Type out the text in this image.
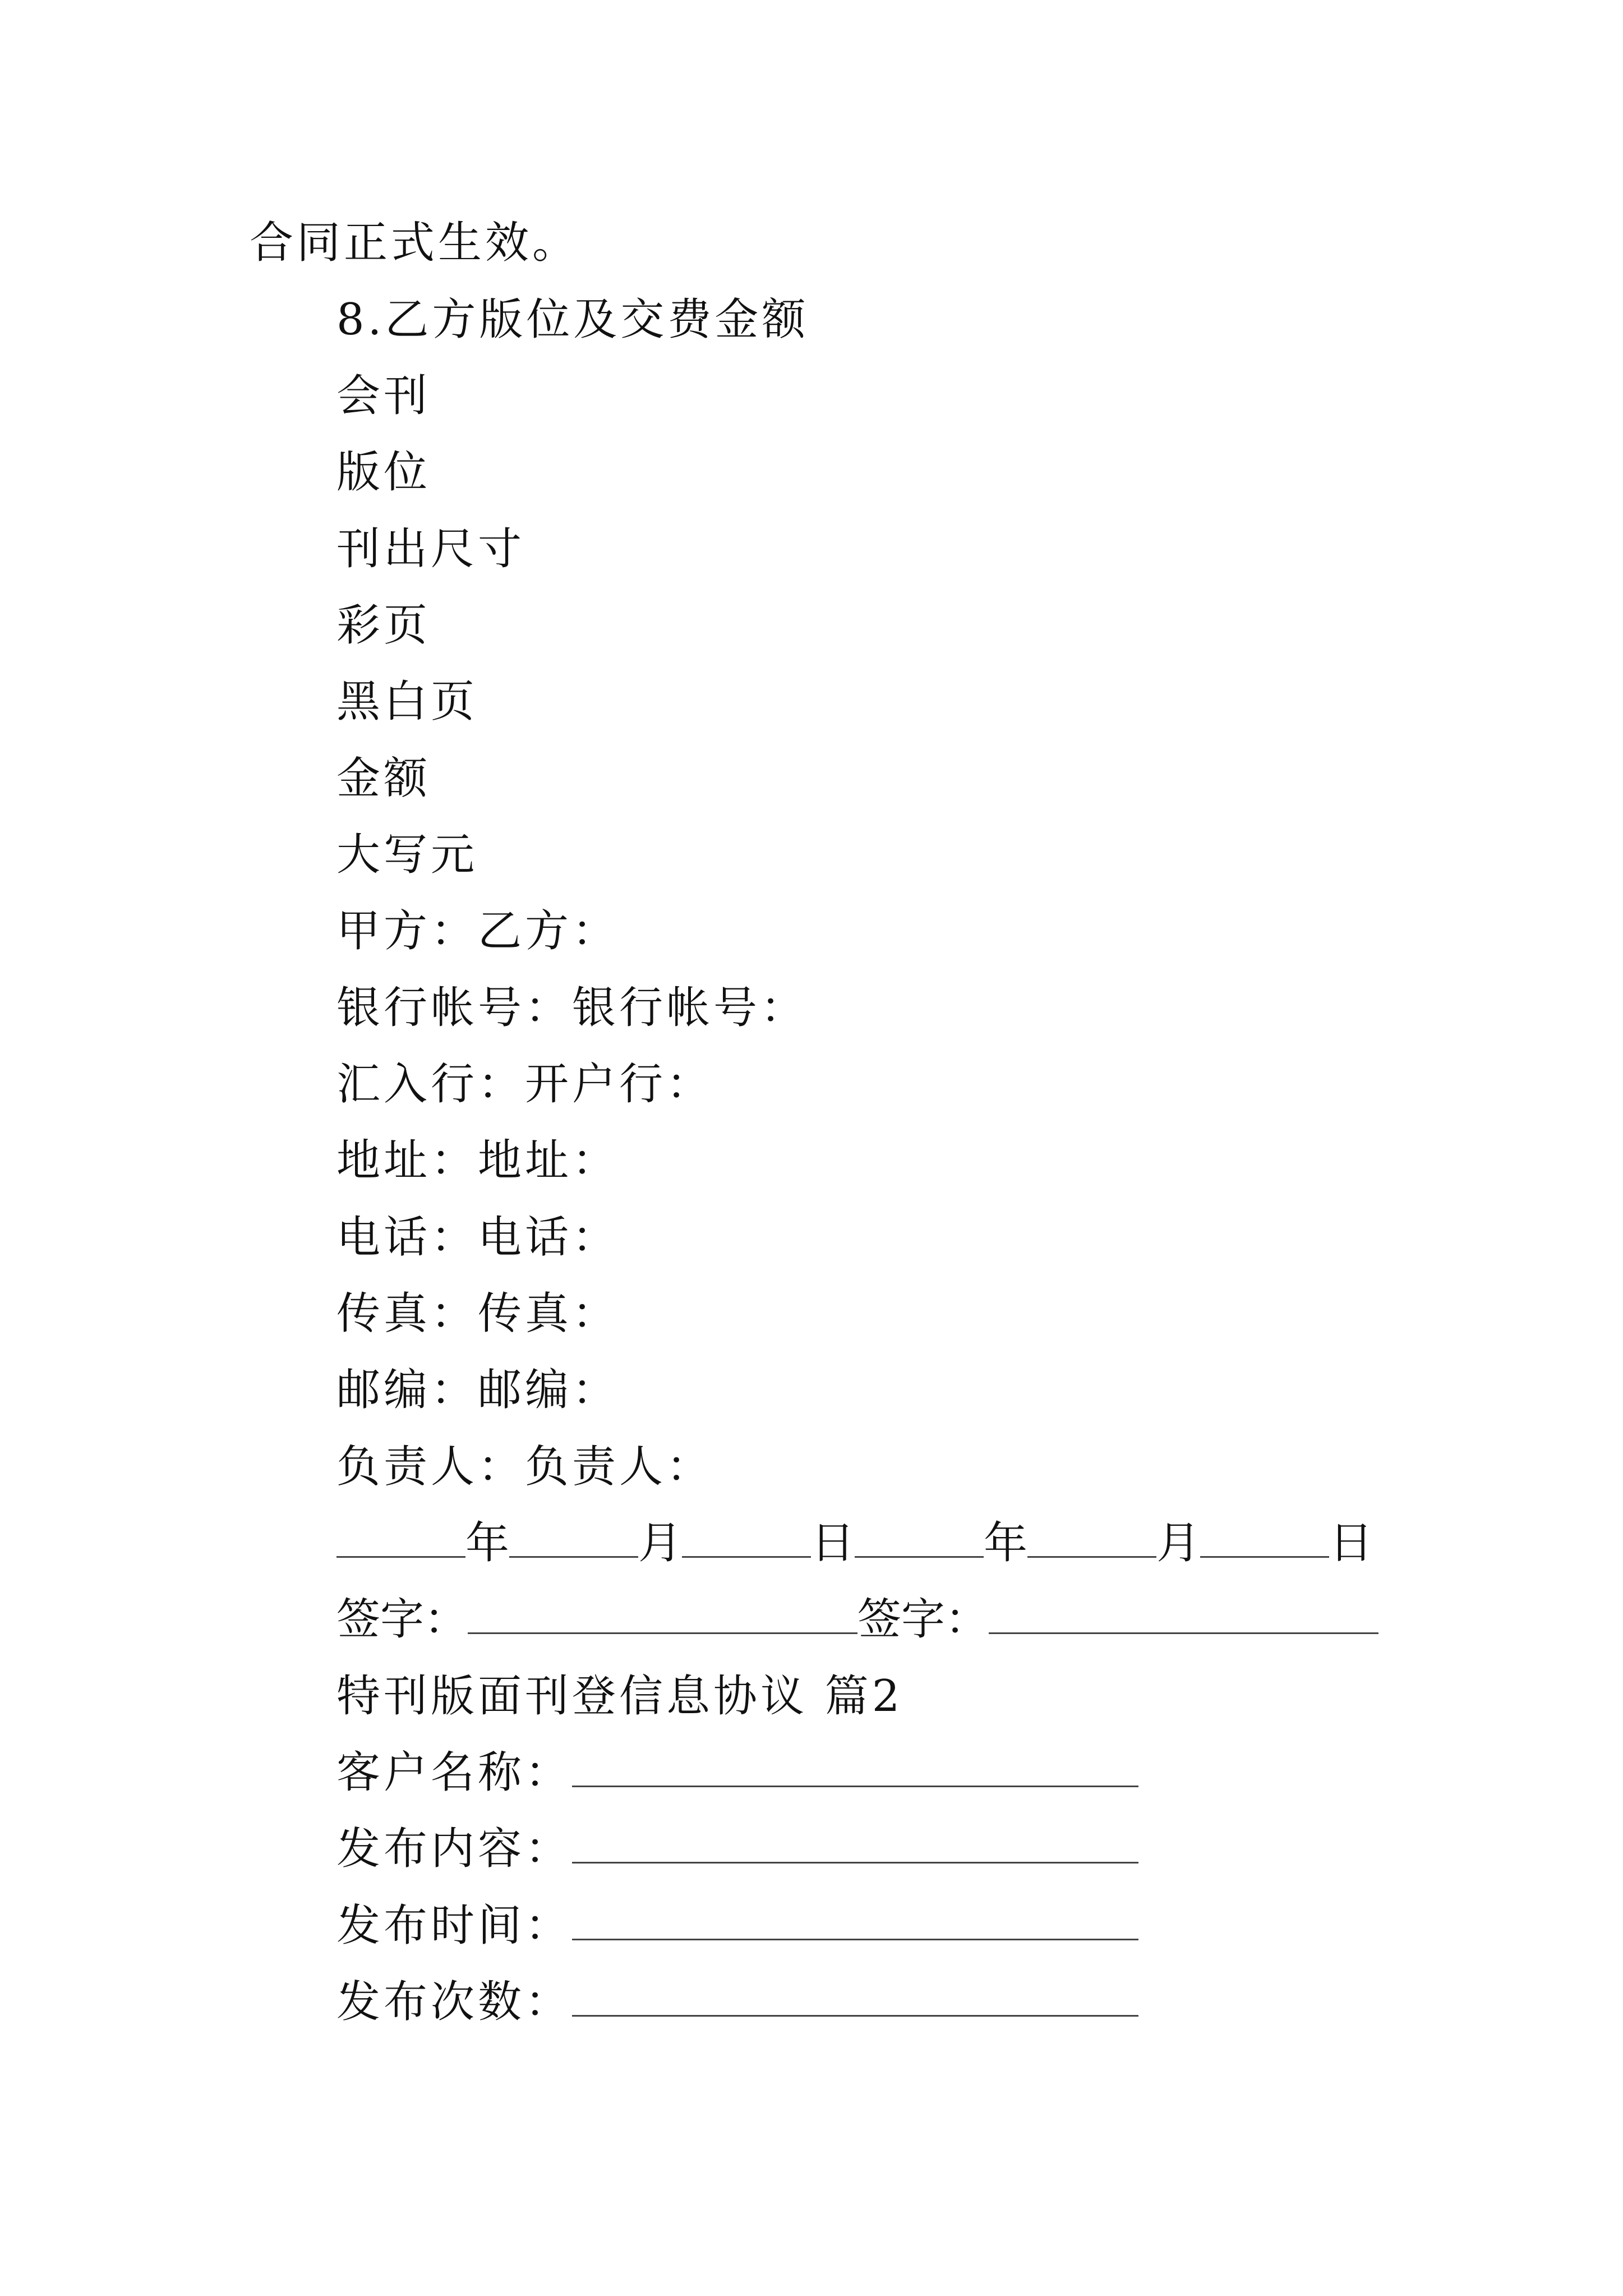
合同正式生效。
8.乙方版位及交费金额
会刊
版位
刊出尺寸
彩页
黑白页
金额
大写元
甲方：乙方：
银行帐号：银行帐号：
汇入行：开户行：
地址：地址：
电话：电话：
传真：传真：
邮编：邮编：
负责人：负责人：
年	月	日	年	月	日
签字：	签字：
特刊版面刊登信息协议 篇2
客户名称：
发布内容：
发布时间：
发布次数：
